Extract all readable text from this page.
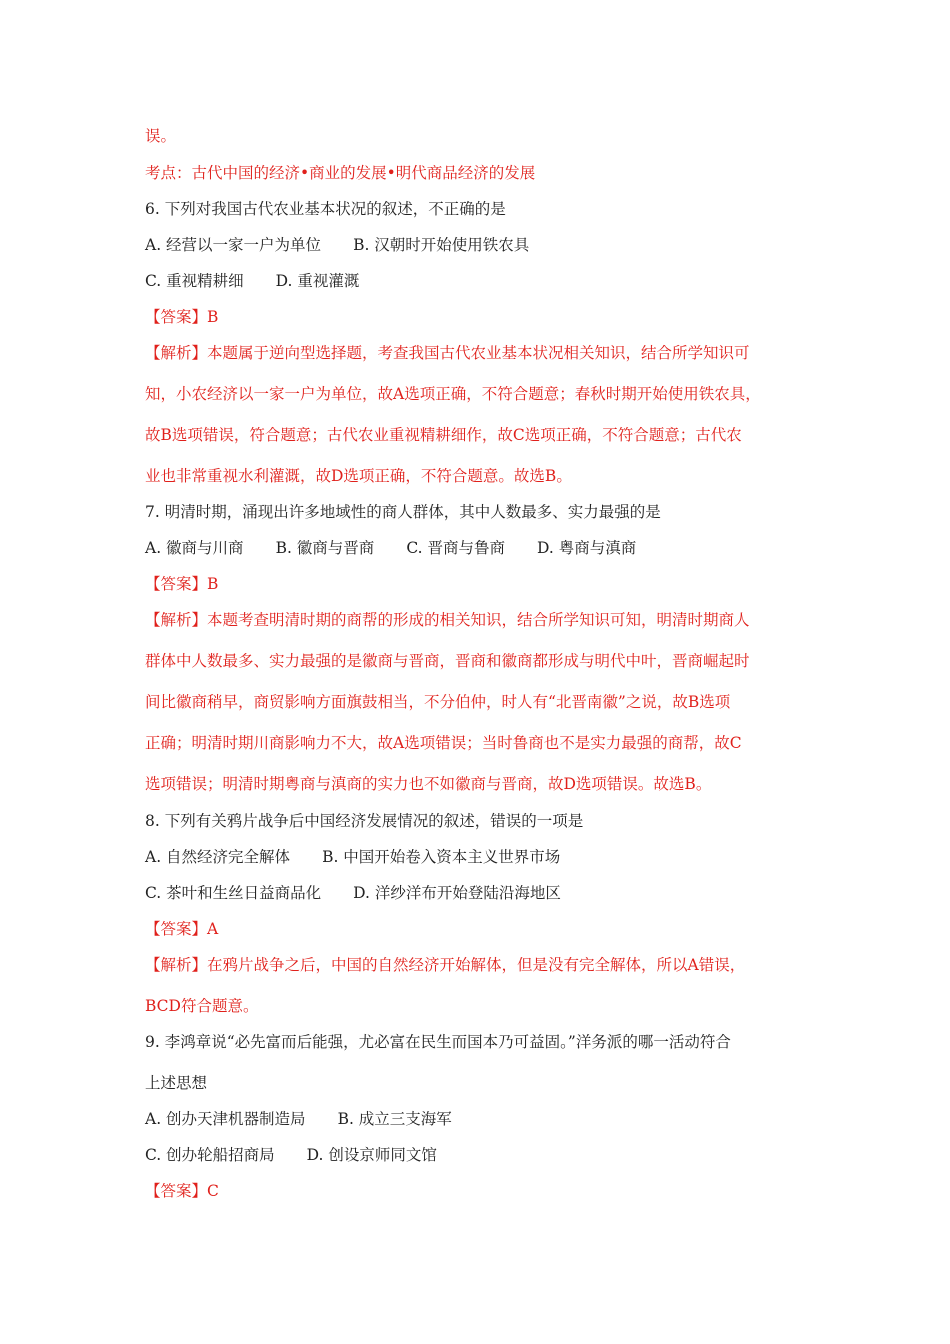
误。
考点：古代中国的经济•商业的发展•明代商品经济的发展
6. 下列对我国古代农业基本状况的叙述，不正确的是
A. 经营以一家一户为单位 B. 汉朝时开始使用铁农具
C. 重视精耕细 D. 重视灌溉
【答案】B
【解析】本题属于逆向型选择题，考查我国古代农业基本状况相关知识，结合所学知识可
知，小农经济以一家一户为单位，故A选项正确，不符合题意；春秋时期开始使用铁农具，
故B选项错误，符合题意；古代农业重视精耕细作，故C选项正确，不符合题意；古代农
业也非常重视水利灌溉，故D选项正确，不符合题意。故选B。
7. 明清时期，涌现出许多地域性的商人群体，其中人数最多、实力最强的是
A. 徽商与川商 B. 徽商与晋商 C. 晋商与鲁商 D. 粤商与滇商
【答案】B
【解析】本题考查明清时期的商帮的形成的相关知识，结合所学知识可知，明清时期商人
群体中人数最多、实力最强的是徽商与晋商，晋商和徽商都形成与明代中叶，晋商崛起时
间比徽商稍早，商贸影响方面旗鼓相当，不分伯仲，时人有“北晋南徽”之说，故B选项
正确；明清时期川商影响力不大，故A选项错误；当时鲁商也不是实力最强的商帮，故C
选项错误；明清时期粤商与滇商的实力也不如徽商与晋商，故D选项错误。故选B。
8. 下列有关鸦片战争后中国经济发展情况的叙述，错误的一项是
A. 自然经济完全解体 B. 中国开始卷入资本主义世界市场
C. 茶叶和生丝日益商品化 D. 洋纱洋布开始登陆沿海地区
【答案】A
【解析】在鸦片战争之后，中国的自然经济开始解体，但是没有完全解体，所以A错误，
BCD符合题意。
9. 李鸿章说“必先富而后能强，尤必富在民生而国本乃可益固。”洋务派的哪一活动符合
上述思想
A. 创办天津机器制造局 B. 成立三支海军
C. 创办轮船招商局 D. 创设京师同文馆
【答案】C
